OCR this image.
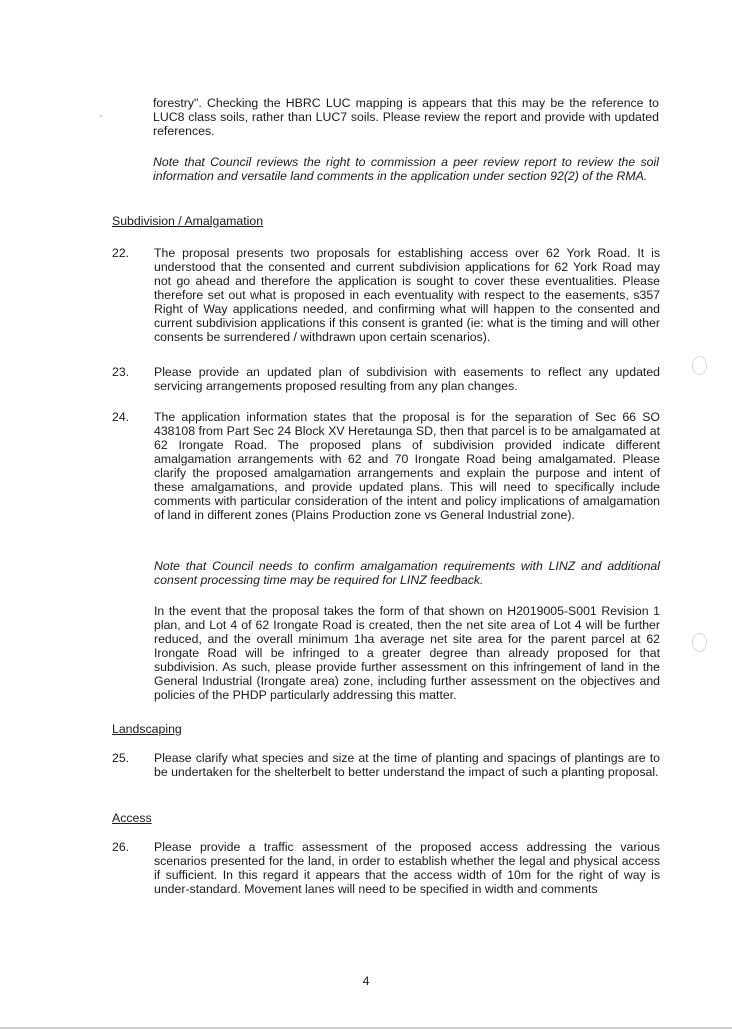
forestry". Checking the HBRC LUC mapping is appears that this may be the reference to LUC8 class soils, rather than LUC7 soils. Please review the report and provide with updated references.
Note that Council reviews the right to commission a peer review report to review the soil information and versatile land comments in the application under section 92(2) of the RMA.
Subdivision / Amalgamation
22. The proposal presents two proposals for establishing access over 62 York Road. It is understood that the consented and current subdivision applications for 62 York Road may not go ahead and therefore the application is sought to cover these eventualities. Please therefore set out what is proposed in each eventuality with respect to the easements, s357 Right of Way applications needed, and confirming what will happen to the consented and current subdivision applications if this consent is granted (ie: what is the timing and will other consents be surrendered / withdrawn upon certain scenarios).
23. Please provide an updated plan of subdivision with easements to reflect any updated servicing arrangements proposed resulting from any plan changes.
24. The application information states that the proposal is for the separation of Sec 66 SO 438108 from Part Sec 24 Block XV Heretaunga SD, then that parcel is to be amalgamated at 62 Irongate Road. The proposed plans of subdivision provided indicate different amalgamation arrangements with 62 and 70 Irongate Road being amalgamated. Please clarify the proposed amalgamation arrangements and explain the purpose and intent of these amalgamations, and provide updated plans. This will need to specifically include comments with particular consideration of the intent and policy implications of amalgamation of land in different zones (Plains Production zone vs General Industrial zone).
Note that Council needs to confirm amalgamation requirements with LINZ and additional consent processing time may be required for LINZ feedback.
In the event that the proposal takes the form of that shown on H2019005-S001 Revision 1 plan, and Lot 4 of 62 Irongate Road is created, then the net site area of Lot 4 will be further reduced, and the overall minimum 1ha average net site area for the parent parcel at 62 Irongate Road will be infringed to a greater degree than already proposed for that subdivision. As such, please provide further assessment on this infringement of land in the General Industrial (Irongate area) zone, including further assessment on the objectives and policies of the PHDP particularly addressing this matter.
Landscaping
25. Please clarify what species and size at the time of planting and spacings of plantings are to be undertaken for the shelterbelt to better understand the impact of such a planting proposal.
Access
26. Please provide a traffic assessment of the proposed access addressing the various scenarios presented for the land, in order to establish whether the legal and physical access if sufficient. In this regard it appears that the access width of 10m for the right of way is under-standard. Movement lanes will need to be specified in width and comments
4
